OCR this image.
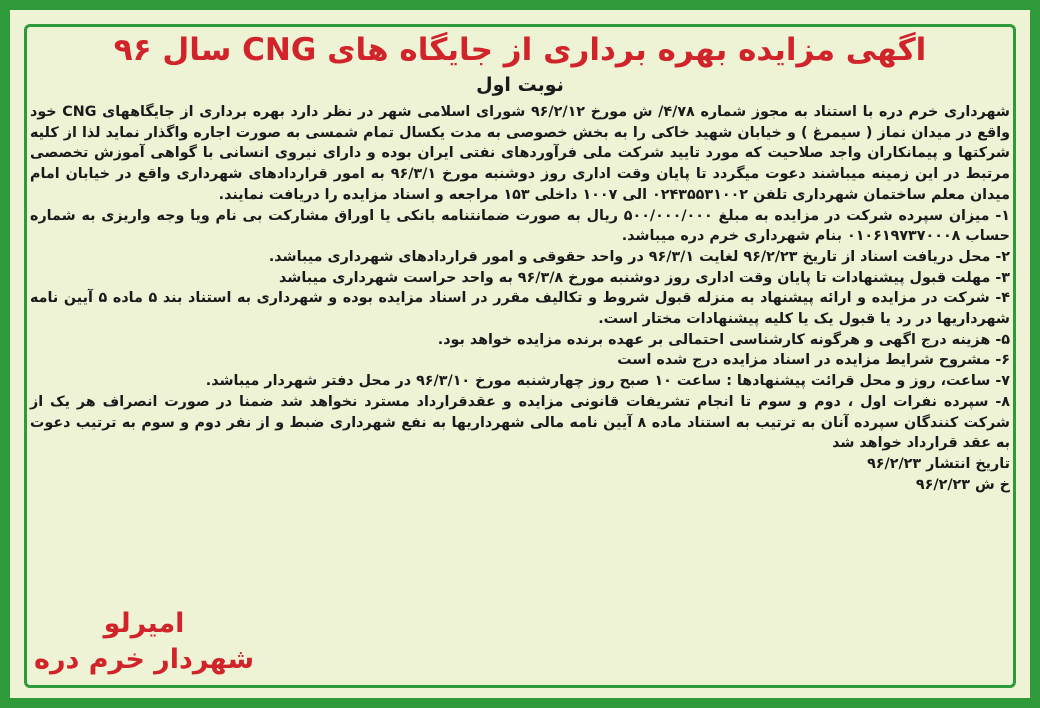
اگهی مزایده بهره برداری از جایگاه های CNG سال ۹۶
نوبت اول

شهرداری خرم دره با استناد به مجوز شماره ۴/۷۸/ ش مورخ ۹۶/۲/۱۲ شورای اسلامی شهر در نظر دارد بهره برداری از جایگاههای CNG خود واقع در میدان نماز ( سیمرغ ) و خیابان شهید خاکی را به بخش خصوصی به مدت یکسال تمام شمسی به صورت اجاره واگذار نماید لذا از کلیه شرکتها و پیمانکاران واجد صلاحیت که مورد تایید شرکت ملی فرآوردهای نفتی ایران بوده و دارای نیروی انسانی با گواهی آموزش تخصصی مرتبط در این زمینه میباشند دعوت میگردد تا پایان وقت اداری روز دوشنبه مورخ ۹۶/۳/۱ به امور قراردادهای شهرداری واقع در خیابان امام میدان معلم ساختمان شهرداری تلفن ۰۲۴۳۵۵۳۱۰۰۲ الی ۱۰۰۷ داخلی ۱۵۳ مراجعه و اسناد مزایده را دریافت نمایند.

۱- میزان سپرده شرکت در مزایده به مبلغ ۵۰۰/۰۰۰/۰۰۰ ریال به صورت ضمانتنامه بانکی یا اوراق مشارکت بی نام ویا وجه واریزی به شماره حساب ۰۱۰۶۱۹۷۳۷۰۰۰۸ بنام شهرداری خرم دره میباشد.

۲- محل دریافت اسناد از تاریخ ۹۶/۲/۲۳ لغایت ۹۶/۳/۱ در واحد حقوقی و امور قراردادهای شهرداری میباشد.

۳- مهلت قبول پیشنهادات تا پایان وقت اداری روز دوشنبه مورخ ۹۶/۳/۸ به واحد حراست شهرداری میباشد

۴- شرکت در مزایده و ارائه پیشنهاد به منزله قبول شروط و تکالیف مقرر در اسناد مزایده بوده و شهرداری به استناد بند ۵ ماده ۵ آیین نامه شهرداریها در رد یا قبول یک یا کلیه پیشنهادات مختار است.

۵- هزینه درج اگهی و هرگونه کارشناسی احتمالی بر عهده برنده مزایده خواهد بود.

۶- مشروح شرایط مزایده در اسناد مزایده درج شده است

۷- ساعت، روز و محل قرائت پیشنهادها : ساعت ۱۰ صبح روز چهارشنبه مورخ ۹۶/۳/۱۰ در محل دفتر شهردار میباشد.

۸- سپرده نفرات اول ، دوم و سوم تا انجام تشریفات قانونی مزایده و عقدقرارداد مسترد نخواهد شد ضمنا در صورت انصراف هر یک از شرکت کنندگان سپرده آنان به ترتیب به استناد ماده ۸ آیین نامه مالی شهرداریها به نفع شهرداری ضبط و از نفر دوم و سوم به ترتیب دعوت به عقد قرارداد خواهد شد

تاریخ انتشار ۹۶/۲/۲۳

خ ش ۹۶/۲/۲۳

امیرلو
شهردار خرم دره
